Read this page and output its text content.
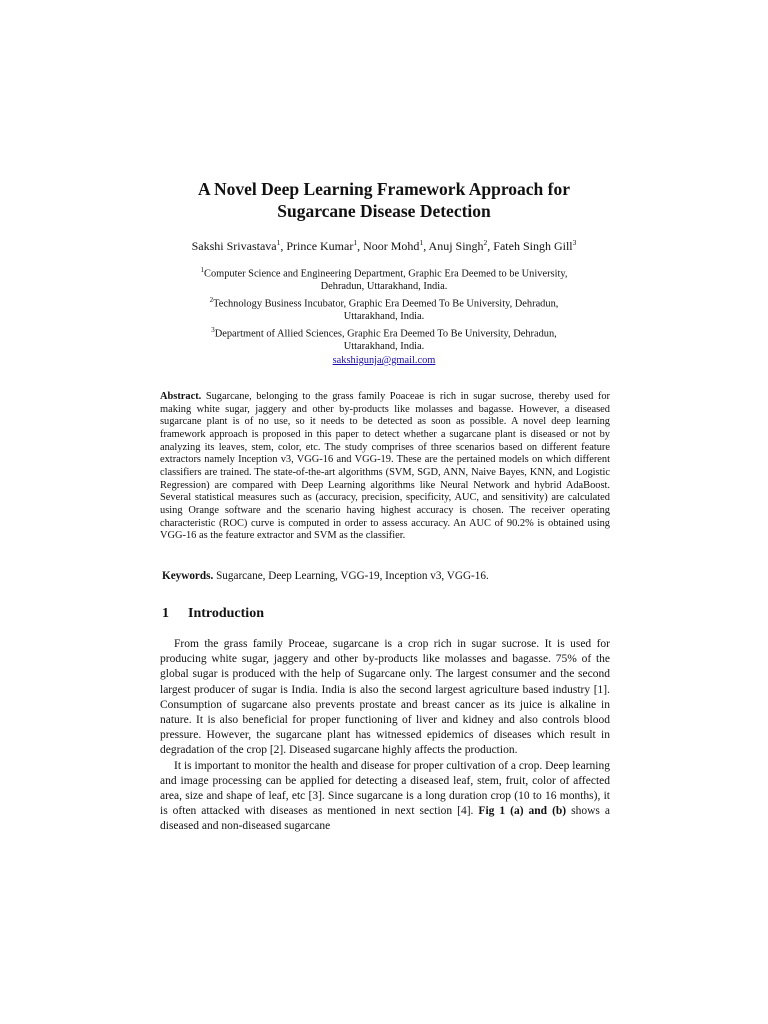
A Novel Deep Learning Framework Approach for
Sugarcane Disease Detection
Sakshi Srivastava$^1$, Prince Kumar$^1$, Noor Mohd$^1$, Anuj Singh$^2$, Fateh Singh Gill$^3$
$^1$Computer Science and Engineering Department, Graphic Era Deemed to be University,
Dehradun, Uttarakhand, India.
$^2$Technology Business Incubator, Graphic Era Deemed To Be University, Dehradun,
Uttarakhand, India.
$^3$Department of Allied Sciences, Graphic Era Deemed To Be University, Dehradun,
Uttarakhand, India.
sakshigunja@gmail.com
Abstract. Sugarcane, belonging to the grass family Poaceae is rich in sugar sucrose, thereby used for making white sugar, jaggery and other by-products like molasses and bagasse. However, a diseased sugarcane plant is of no use, so it needs to be detected as soon as possible. A novel deep learning framework approach is proposed in this paper to detect whether a sugarcane plant is diseased or not by analyzing its leaves, stem, color, etc. The study comprises of three scenarios based on different feature extractors namely Inception v3, VGG-16 and VGG-19. These are the pertained models on which different classifiers are trained. The state-of-the-art algorithms (SVM, SGD, ANN, Naive Bayes, KNN, and Logistic Regression) are compared with Deep Learning algorithms like Neural Network and hybrid AdaBoost. Several statistical measures such as (accuracy, precision, specificity, AUC, and sensitivity) are calculated using Orange software and the scenario having highest accuracy is chosen. The receiver operating characteristic (ROC) curve is computed in order to assess accuracy. An AUC of 90.2% is obtained using VGG-16 as the feature extractor and SVM as the classifier.
Keywords. Sugarcane, Deep Learning, VGG-19, Inception v3, VGG-16.
1 Introduction

From the grass family Proceae, sugarcane is a crop rich in sugar sucrose. It is used for producing white sugar, jaggery and other by-products like molasses and bagasse. 75% of the global sugar is produced with the help of Sugarcane only. The largest consumer and the second largest producer of sugar is India. India is also the second largest agriculture based industry [1]. Consumption of sugarcane also prevents prostate and breast cancer as its juice is alkaline in nature. It is also beneficial for proper functioning of liver and kidney and also controls blood pressure. However, the sugarcane plant has witnessed epidemics of diseases which result in degradation of the crop [2]. Diseased sugarcane highly affects the production.

It is important to monitor the health and disease for proper cultivation of a crop. Deep learning and image processing can be applied for detecting a diseased leaf, stem, fruit, color of affected area, size and shape of leaf, etc [3]. Since sugarcane is a long duration crop (10 to 16 months), it is often attacked with diseases as mentioned in next section [4]. Fig 1 (a) and (b) shows a diseased and non-diseased sugarcane
